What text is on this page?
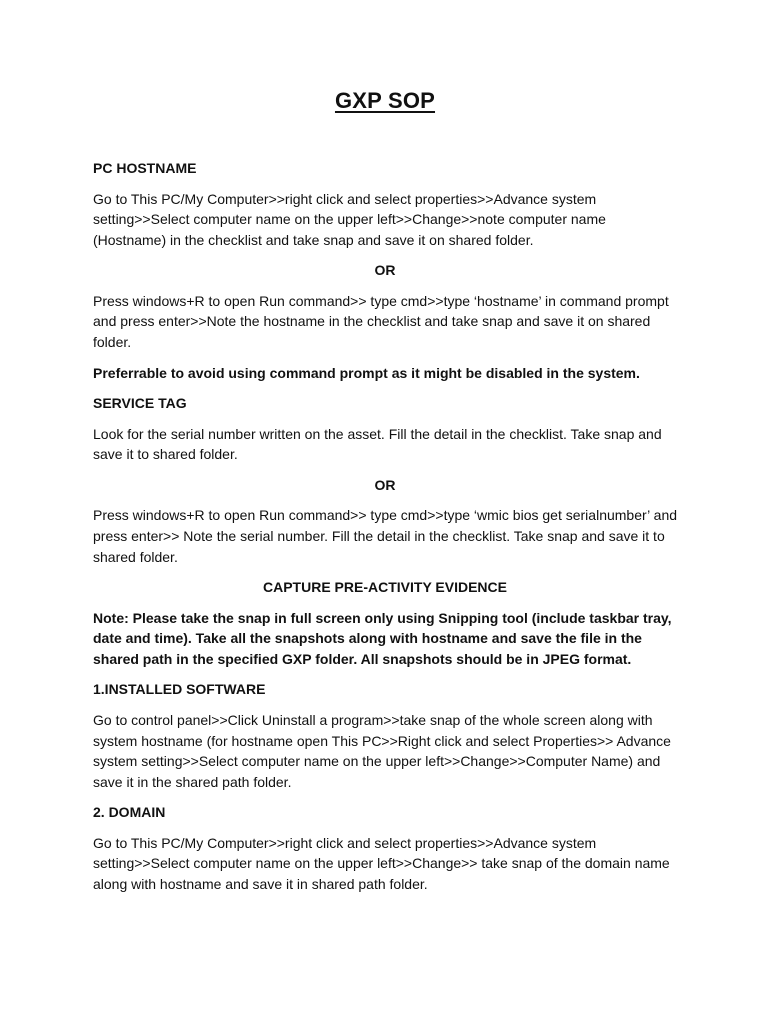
GXP SOP
PC HOSTNAME
Go to This PC/My Computer>>right click and select properties>>Advance system setting>>Select computer name on the upper left>>Change>>note computer name (Hostname) in the checklist and take snap and save it on shared folder.
OR
Press windows+R to open Run command>> type cmd>>type ‘hostname’ in command prompt and press enter>>Note the hostname in the checklist and take snap and save it on shared folder.
Preferrable to avoid using command prompt as it might be disabled in the system.
SERVICE TAG
Look for the serial number written on the asset. Fill the detail in the checklist. Take snap and save it to shared folder.
OR
Press windows+R to open Run command>> type cmd>>type ‘wmic bios get serialnumber’ and press enter>> Note the serial number. Fill the detail in the checklist. Take snap and save it to shared folder.
CAPTURE PRE-ACTIVITY EVIDENCE
Note: Please take the snap in full screen only using Snipping tool (include taskbar tray, date and time). Take all the snapshots along with hostname and save the file in the shared path in the specified GXP folder. All snapshots should be in JPEG format.
1.INSTALLED SOFTWARE
Go to control panel>>Click Uninstall a program>>take snap of the whole screen along with system hostname (for hostname open This PC>>Right click and select Properties>> Advance system setting>>Select computer name on the upper left>>Change>>Computer Name) and save it in the shared path folder.
2. DOMAIN
Go to This PC/My Computer>>right click and select properties>>Advance system setting>>Select computer name on the upper left>>Change>> take snap of the domain name along with hostname and save it in shared path folder.
